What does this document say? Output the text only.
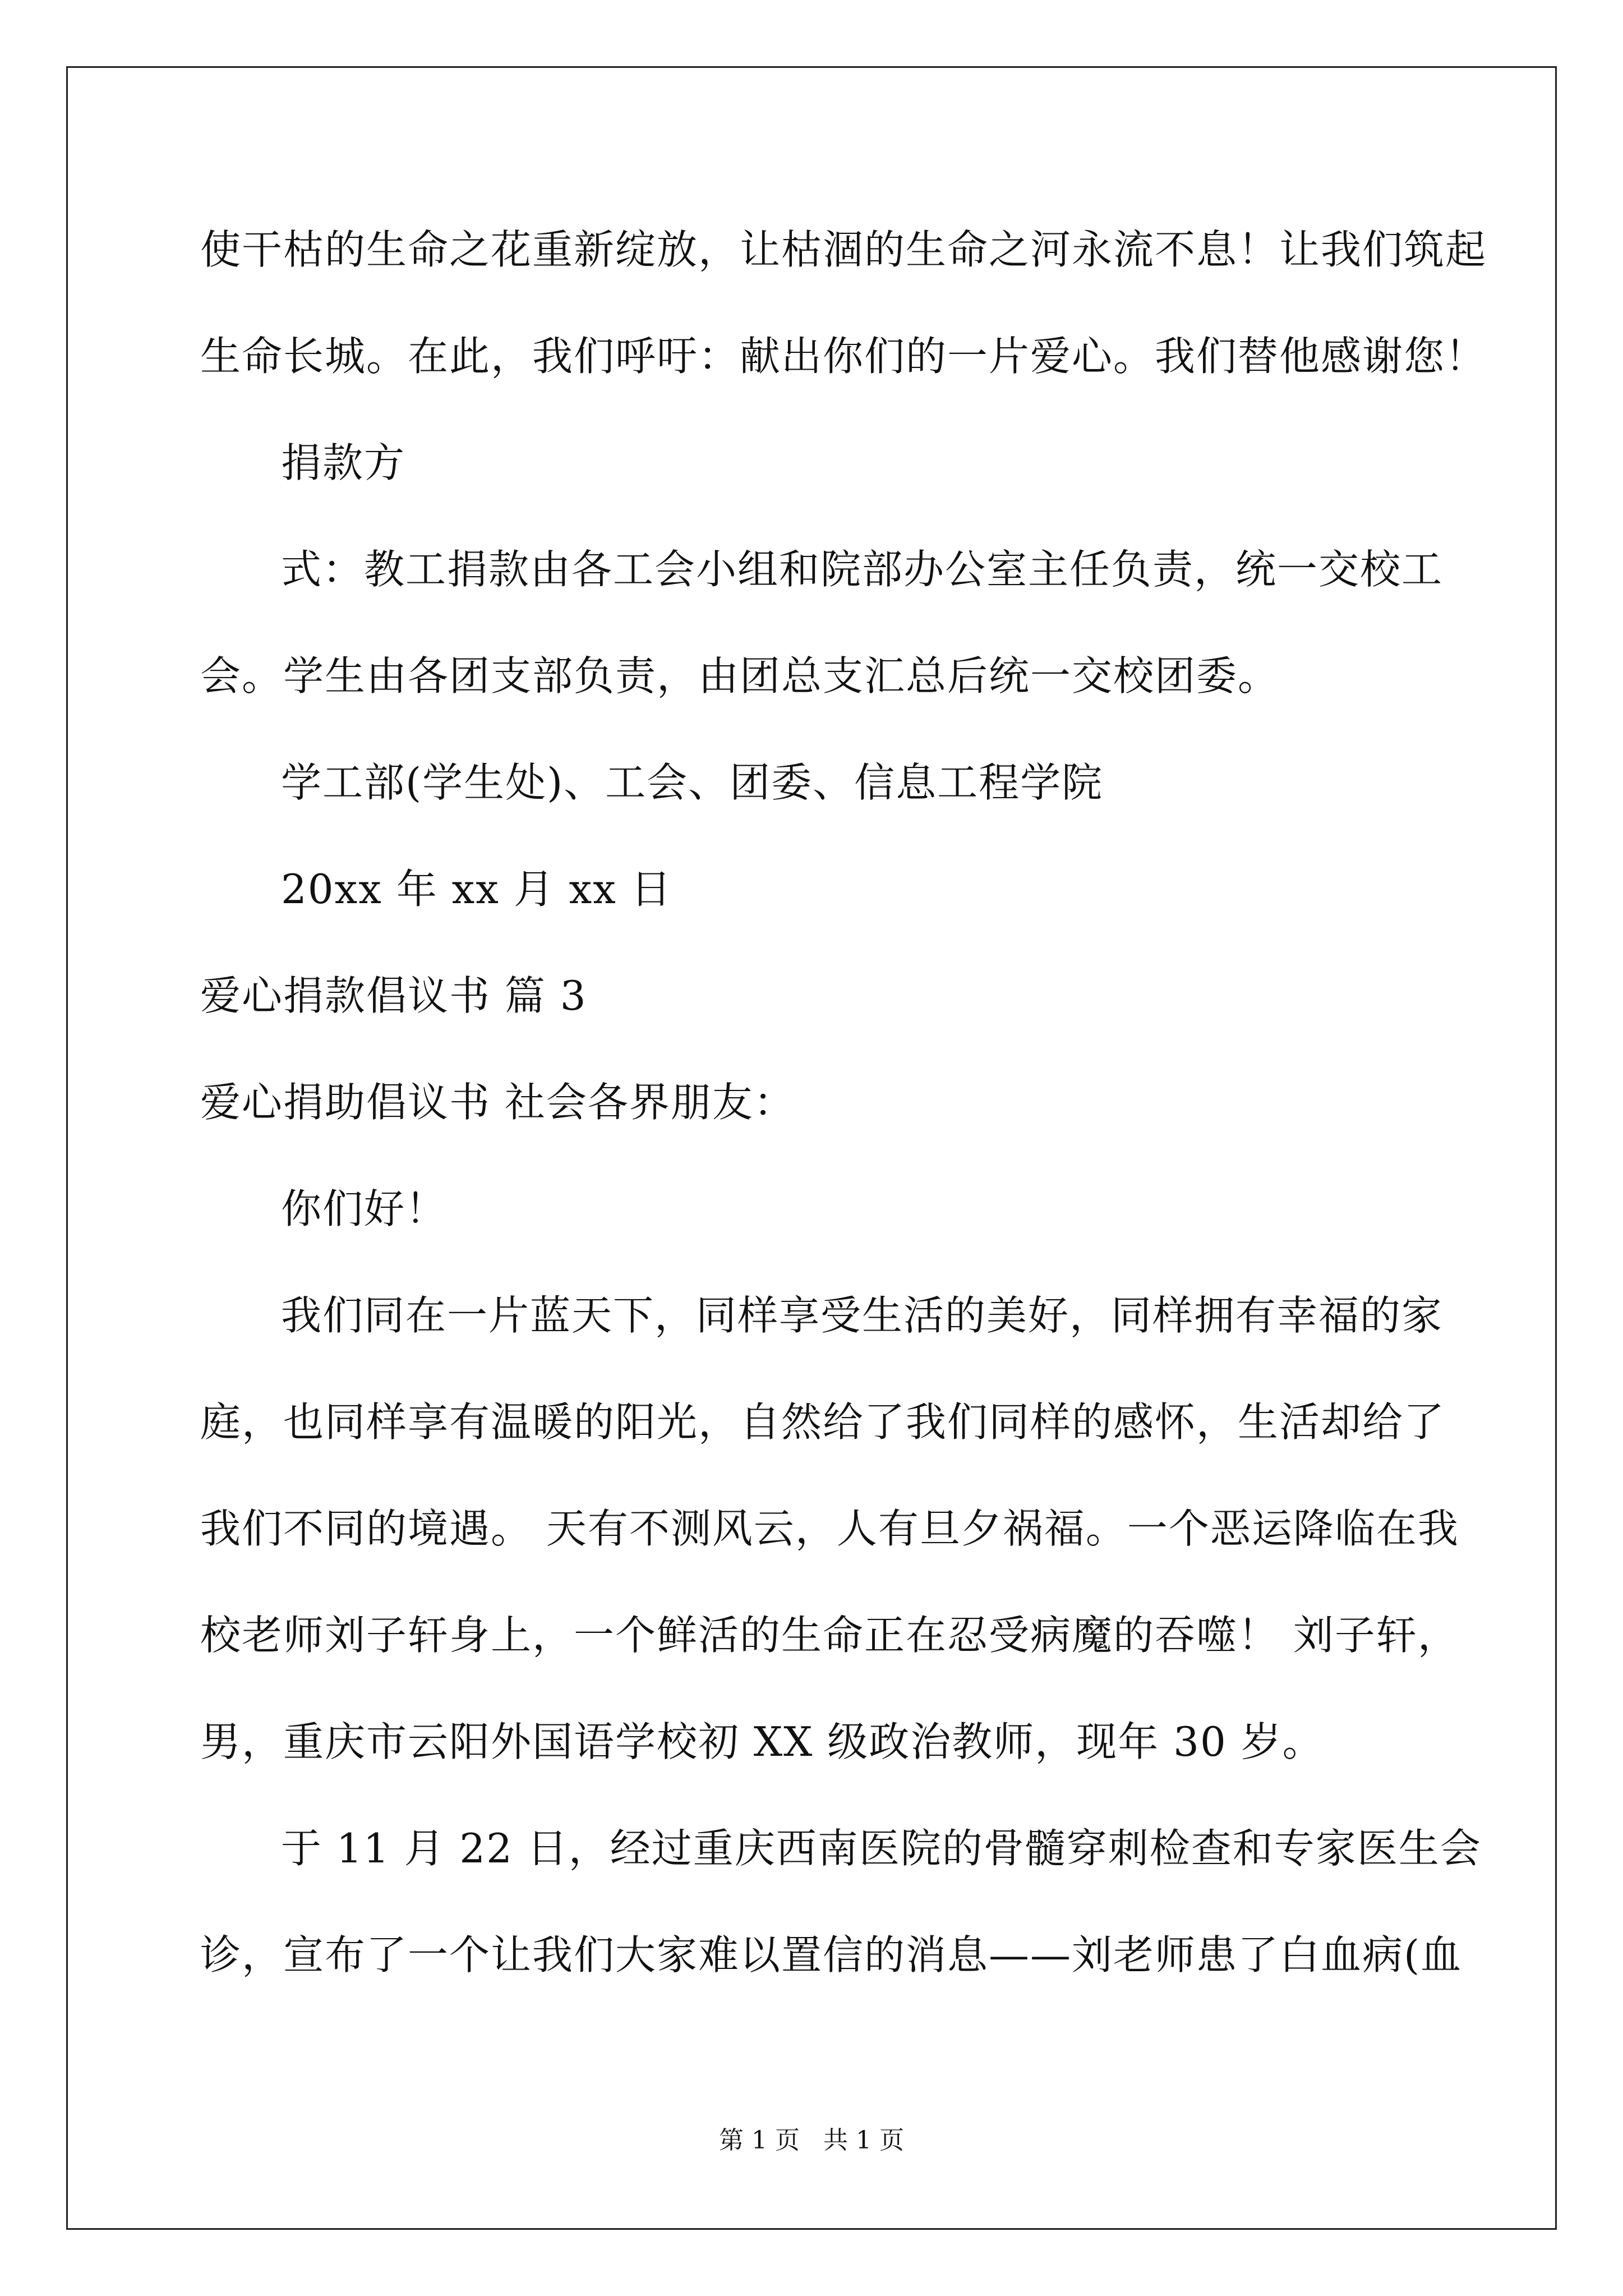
使干枯的生命之花重新绽放，让枯涸的生命之河永流不息！让我们筑起
生命长城。在此，我们呼吁：献出你们的一片爱心。我们替他感谢您！
捐款方
式：教工捐款由各工会小组和院部办公室主任负责，统一交校工
会。学生由各团支部负责，由团总支汇总后统一交校团委。
学工部(学生处)、工会、团委、信息工程学院
20xx 年 xx 月 xx 日
爱心捐款倡议书 篇 3
爱心捐助倡议书 社会各界朋友：
你们好！
我们同在一片蓝天下，同样享受生活的美好，同样拥有幸福的家
庭，也同样享有温暖的阳光，自然给了我们同样的感怀，生活却给了
我们不同的境遇。 天有不测风云，人有旦夕祸福。一个恶运降临在我
校老师刘子轩身上，一个鲜活的生命正在忍受病魔的吞噬！ 刘子轩，
男，重庆市云阳外国语学校初 XX 级政治教师，现年 30 岁。
于 11 月 22 日，经过重庆西南医院的骨髓穿刺检查和专家医生会
诊，宣布了一个让我们大家难以置信的消息——刘老师患了白血病(血
第 1 页   共 1 页
